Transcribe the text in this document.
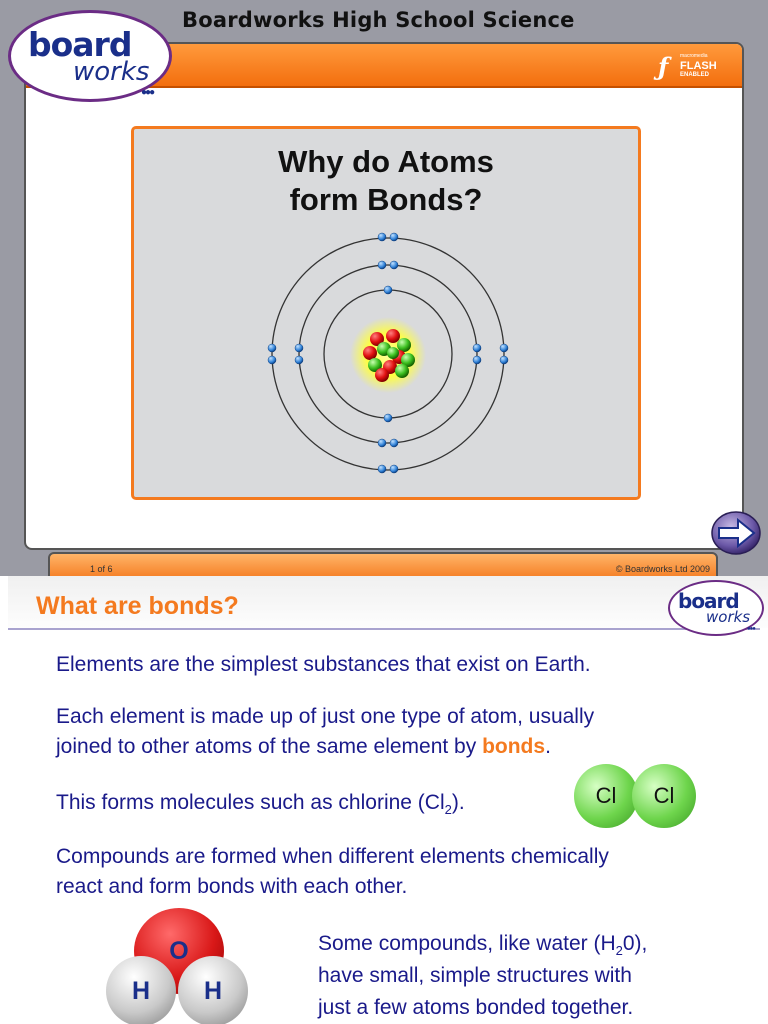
Boardworks High School Science
ƒ macromedia
FLASH
ENABLED
Why do Atoms
form Bonds?
board
works
●●●
1 of 6	© Boardworks Ltd 2009
What are bonds?	board
works
●●●
Elements are the simplest substances that exist on Earth.
Each element is made up of just one type of atom, usually
joined to other atoms of the same element by bonds.
This forms molecules such as chlorine $(Cl_2)$.	Cl	Cl
Compounds are formed when different elements chemically
react and form bonds with each other.
O
H	H
Some compounds, like water $(H_20)$,
have small, simple structures with
just a few atoms bonded together.
